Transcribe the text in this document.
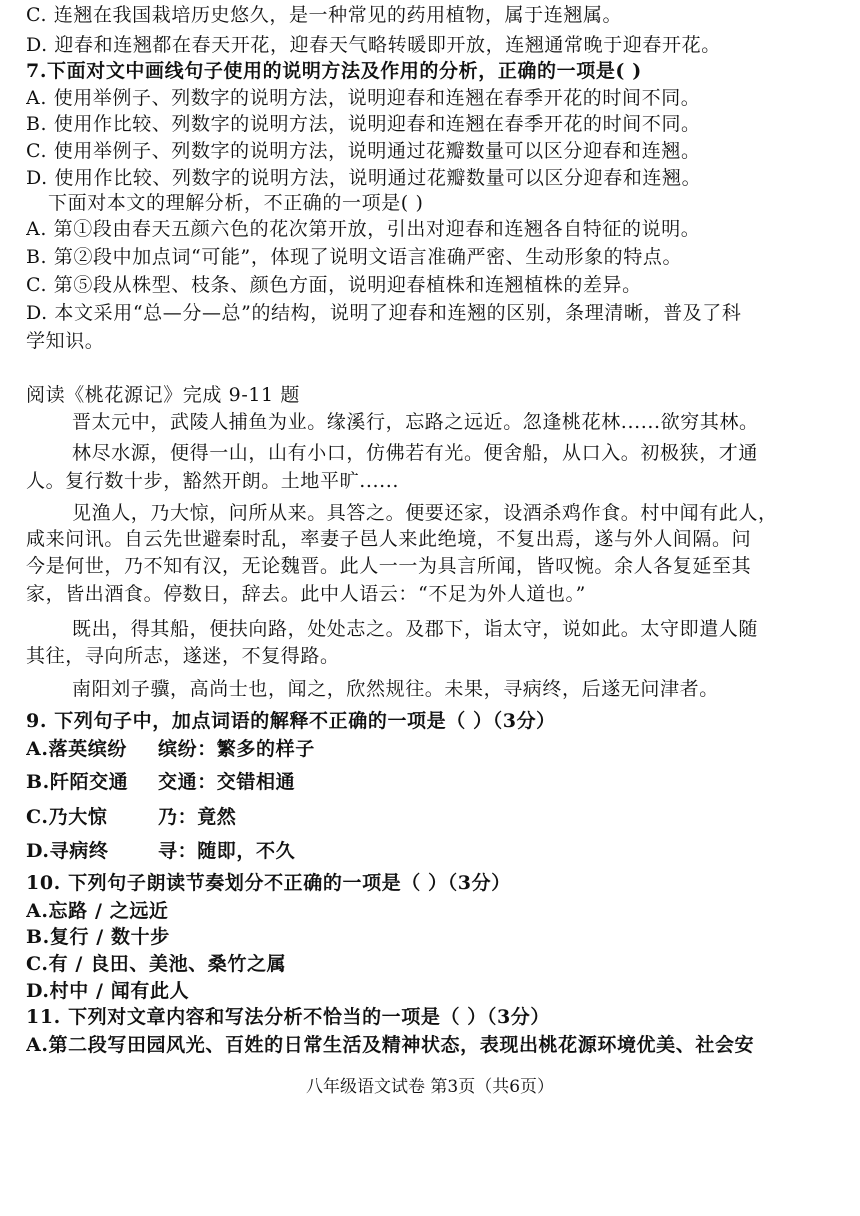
C. 连翘在我国栽培历史悠久，是一种常见的药用植物，属于连翘属。
D. 迎春和连翘都在春天开花，迎春天气略转暖即开放，连翘通常晚于迎春开花。
7.下面对文中画线句子使用的说明方法及作用的分析，正确的一项是( )
A. 使用举例子、列数字的说明方法，说明迎春和连翘在春季开花的时间不同。
B. 使用作比较、列数字的说明方法，说明迎春和连翘在春季开花的时间不同。
C. 使用举例子、列数字的说明方法，说明通过花瓣数量可以区分迎春和连翘。
D. 使用作比较、列数字的说明方法，说明通过花瓣数量可以区分迎春和连翘。
下面对本文的理解分析，不正确的一项是( )
A. 第①段由春天五颜六色的花次第开放，引出对迎春和连翘各自特征的说明。
B. 第②段中加点词“可能”，体现了说明文语言准确严密、生动形象的特点。
C. 第⑤段从株型、枝条、颜色方面，说明迎春植株和连翘植株的差异。
D. 本文采用“总—分—总”的结构，说明了迎春和连翘的区别，条理清晰，普及了科
学知识。
阅读《桃花源记》完成 9-11 题
晋太元中，武陵人捕鱼为业。缘溪行，忘路之远近。忽逢桃花林......欲穷其林。
林尽水源，便得一山，山有小口，仿佛若有光。便舍船，从口入。初极狭，才通
人。复行数十步，豁然开朗。土地平旷......
见渔人，乃大惊，问所从来。具答之。便要还家，设酒杀鸡作食。村中闻有此人，
咸来问讯。自云先世避秦时乱，率妻子邑人来此绝境，不复出焉，遂与外人间隔。问
今是何世，乃不知有汉，无论魏晋。此人一一为具言所闻，皆叹惋。余人各复延至其
家，皆出酒食。停数日，辞去。此中人语云：“不足为外人道也。”
既出，得其船，便扶向路，处处志之。及郡下，诣太守，说如此。太守即遣人随
其往，寻向所志，遂迷，不复得路。
南阳刘子骥，高尚士也，闻之，欣然规往。未果，寻病终，后遂无问津者。
9. 下列句子中，加点词语的解释不正确的一项是（ ）（3分）
A.落英缤纷	缤纷：繁多的样子
B.阡陌交通	交通：交错相通
C.乃大惊	乃：竟然
D.寻病终	寻：随即，不久
10. 下列句子朗读节奏划分不正确的一项是（ ）（3分）
A.忘路 / 之远近
B.复行 / 数十步
C.有 / 良田、美池、桑竹之属
D.村中 / 闻有此人
11. 下列对文章内容和写法分析不恰当的一项是（ ）（3分）
A.第二段写田园风光、百姓的日常生活及精神状态，表现出桃花源环境优美、社会安
八年级语文试卷 第3页（共6页）
